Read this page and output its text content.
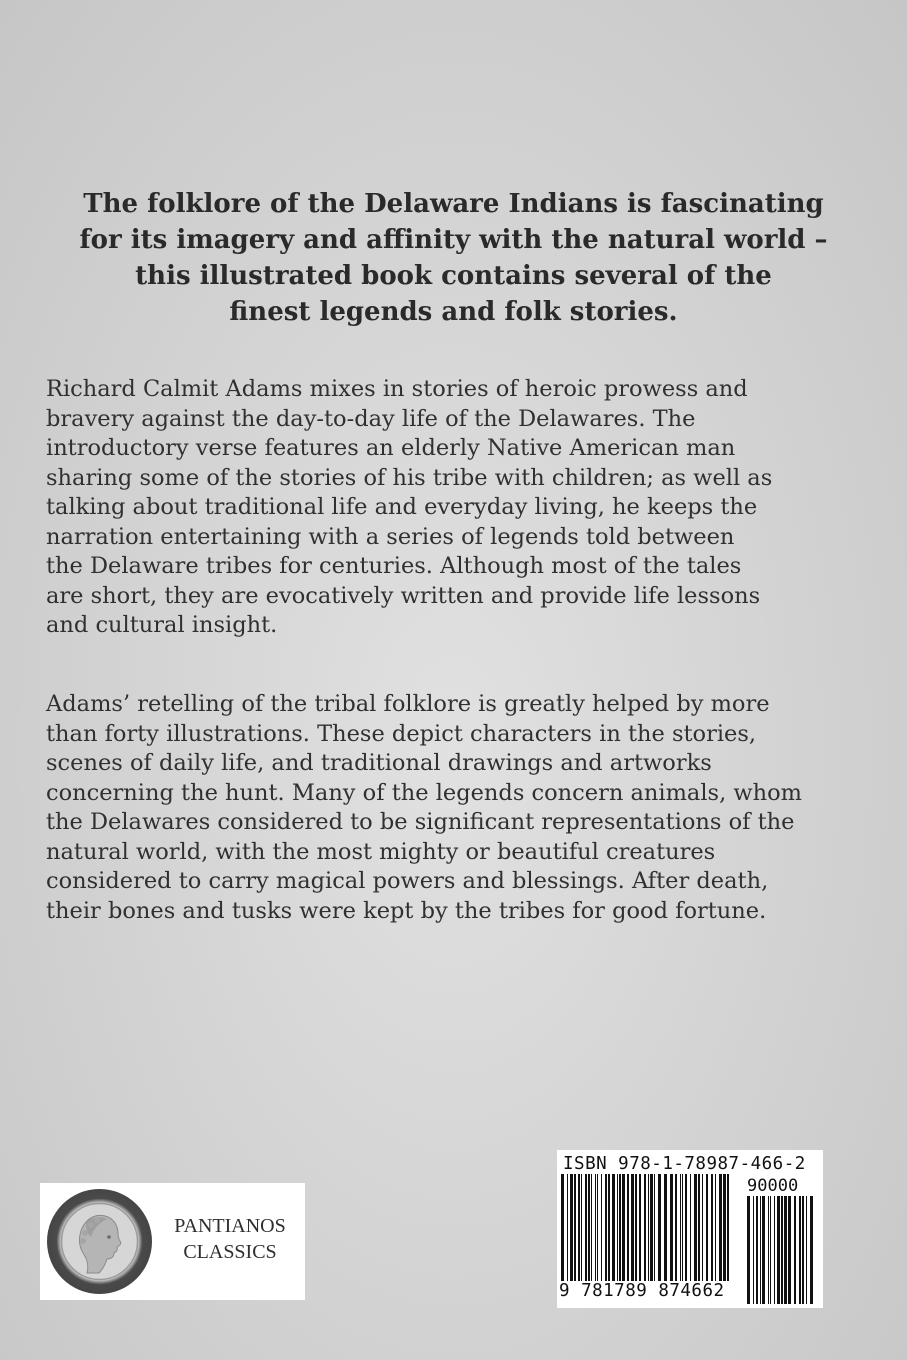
The folklore of the Delaware Indians is fascinating
for its imagery and affinity with the natural world –
this illustrated book contains several of the
finest legends and folk stories.
Richard Calmit Adams mixes in stories of heroic prowess and
bravery against the day-to-day life of the Delawares. The
introductory verse features an elderly Native American man
sharing some of the stories of his tribe with children; as well as
talking about traditional life and everyday living, he keeps the
narration entertaining with a series of legends told between
the Delaware tribes for centuries. Although most of the tales
are short, they are evocatively written and provide life lessons
and cultural insight.
Adams’ retelling of the tribal folklore is greatly helped by more
than forty illustrations. These depict characters in the stories,
scenes of daily life, and traditional drawings and artworks
concerning the hunt. Many of the legends concern animals, whom
the Delawares considered to be significant representations of the
natural world, with the most mighty or beautiful creatures
considered to carry magical powers and blessings. After death,
their bones and tusks were kept by the tribes for good fortune.
PANTIANOS
CLASSICS
ISBN 978-1-78987-466-2
90000
9 781789 874662
